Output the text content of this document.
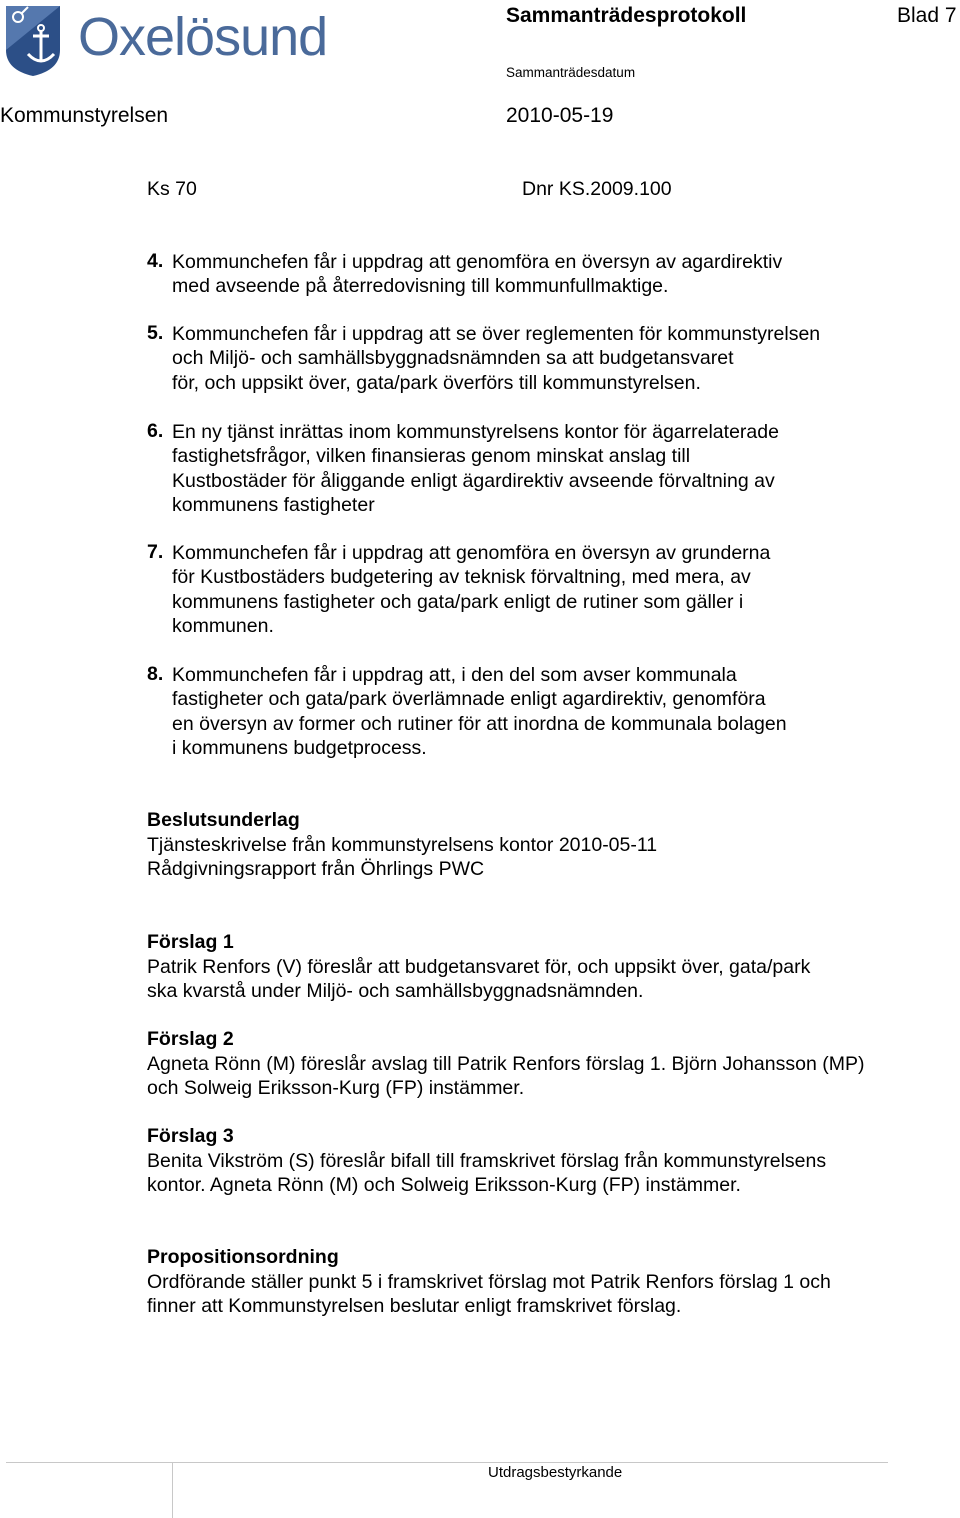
Oxelösund	Sammanträdesprotokoll	Blad 7
Sammanträdesdatum
Kommunstyrelsen	2010-05-19
Ks 70	Dnr KS.2009.100
4. Kommunchefen får i uppdrag att genomföra en översyn av agardirektiv
med avseende på återredovisning till kommunfullmaktige.
5. Kommunchefen får i uppdrag att se över reglementen för kommunstyrelsen
och Miljö- och samhällsbyggnadsnämnden sa att budgetansvaret
för, och uppsikt över, gata/park överförs till kommunstyrelsen.
6. En ny tjänst inrättas inom kommunstyrelsens kontor för ägarrelaterade
fastighetsfrågor, vilken finansieras genom minskat anslag till
Kustbostäder för åliggande enligt ägardirektiv avseende förvaltning av
kommunens fastigheter
7. Kommunchefen får i uppdrag att genomföra en översyn av grunderna
för Kustbostäders budgetering av teknisk förvaltning, med mera, av
kommunens fastigheter och gata/park enligt de rutiner som gäller i
kommunen.
8. Kommunchefen får i uppdrag att, i den del som avser kommunala
fastigheter och gata/park överlämnade enligt agardirektiv, genomföra
en översyn av former och rutiner för att inordna de kommunala bolagen
i kommunens budgetprocess.
Beslutsunderlag
Tjänsteskrivelse från kommunstyrelsens kontor 2010-05-11
Rådgivningsrapport från Öhrlings PWC
Förslag 1
Patrik Renfors (V) föreslår att budgetansvaret för, och uppsikt över, gata/park
ska kvarstå under Miljö- och samhällsbyggnadsnämnden.
Förslag 2
Agneta Rönn (M) föreslår avslag till Patrik Renfors förslag 1. Björn Johansson (MP)
och Solweig Eriksson-Kurg (FP) instämmer.
Förslag 3
Benita Vikström (S) föreslår bifall till framskrivet förslag från kommunstyrelsens
kontor. Agneta Rönn (M) och Solweig Eriksson-Kurg (FP) instämmer.
Propositionsordning
Ordförande ställer punkt 5 i framskrivet förslag mot Patrik Renfors förslag 1 och
finner att Kommunstyrelsen beslutar enligt framskrivet förslag.
Utdragsbestyrkande
